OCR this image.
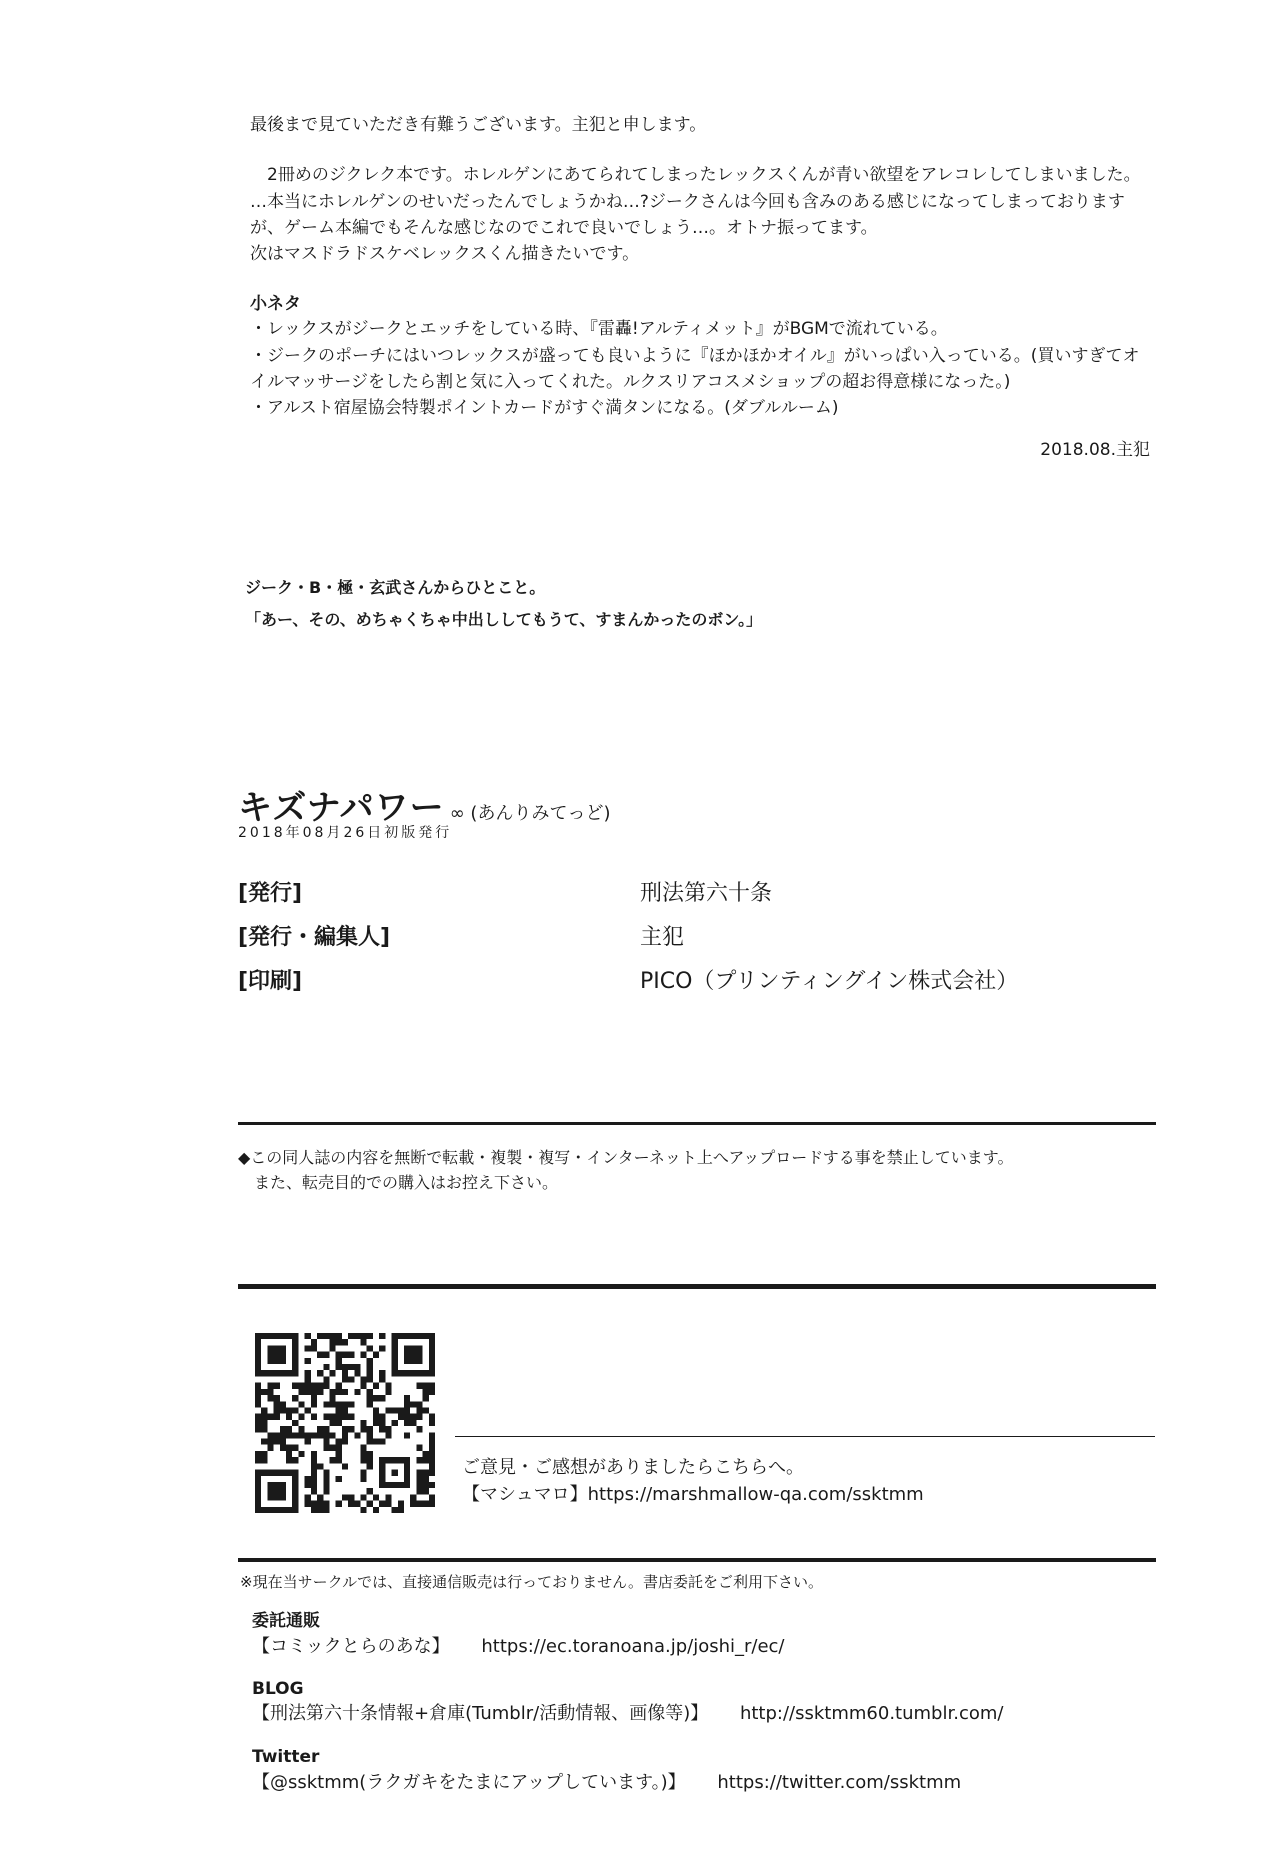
最後まで見ていただき有難うございます。主犯と申します。

　2冊めのジクレク本です。ホレルゲンにあてられてしまったレックスくんが青い欲望をアレコレしてしまいました。

…本当にホレルゲンのせいだったんでしょうかね…?ジークさんは今回も含みのある感じになってしまっております

が、ゲーム本編でもそんな感じなのでこれで良いでしょう…。オトナ振ってます。

次はマスドラドスケベレックスくん描きたいです。

小ネタ

・レックスがジークとエッチをしている時、『雷轟!アルティメット』がBGMで流れている。

・ジークのポーチにはいつレックスが盛っても良いように『ほかほかオイル』がいっぱい入っている。(買いすぎてオ

イルマッサージをしたら割と気に入ってくれた。ルクスリアコスメショップの超お得意様になった。)

・アルスト宿屋協会特製ポイントカードがすぐ満タンになる。(ダブルルーム)

2018.08.主犯

ジーク・B・極・玄武さんからひとこと。

「あー、その、めちゃくちゃ中出ししてもうて、すまんかったのボン。」

キズナパワー ∞ (あんりみてっど)
2018年08月26日初版発行
[発行]	刑法第六十条
[発行・編集人]	主犯
[印刷]	PICO（プリンティングイン株式会社）

◆この同人誌の内容を無断で転載・複製・複写・インターネット上へアップロードする事を禁止しています。

　また、転売目的での購入はお控え下さい。

ご意見・ご感想がありましたらこちらへ。

【マシュマロ】https://marshmallow-qa.com/ssktmm

※現在当サークルでは、直接通信販売は行っておりません。書店委託をご利用下さい。

委託通販

【コミックとらのあな】 https://ec.toranoana.jp/joshi_r/ec/

BLOG

【刑法第六十条情報+倉庫(Tumblr/活動情報、画像等)】 http://ssktmm60.tumblr.com/

Twitter

【@ssktmm(ラクガキをたまにアップしています。)】 https://twitter.com/ssktmm
